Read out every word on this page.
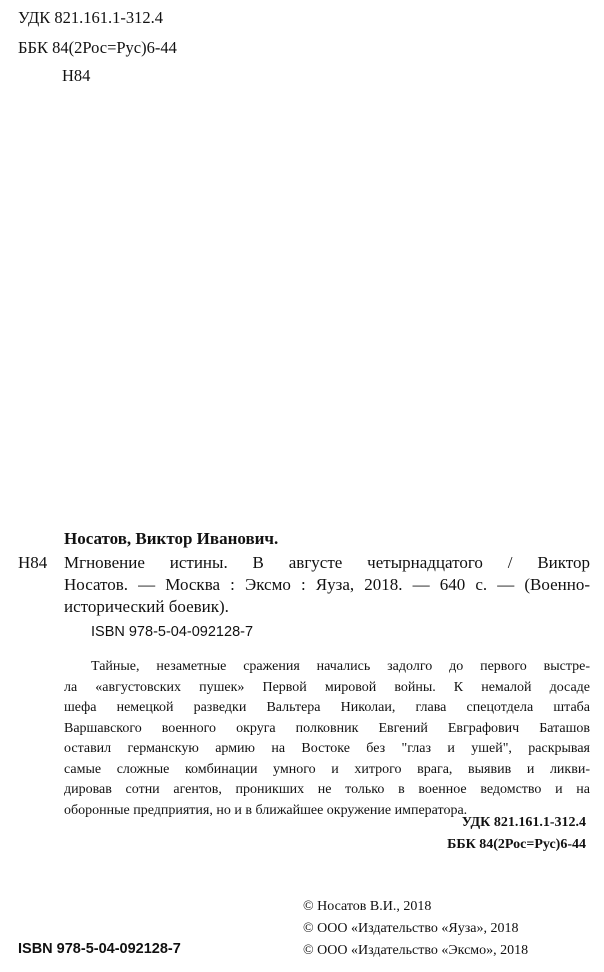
УДК 821.161.1-312.4
ББК 84(2Рос=Рус)6-44
Н84
Носатов, Виктор Иванович.
Н84 Мгновение истины. В августе четырнадцатого / Виктор
Носатов. — Москва : Эксмо : Яуза, 2018. — 640 с. — (Военно-
исторический боевик).
ISBN 978-5-04-092128-7
Тайные, незаметные сражения начались задолго до первого выстре-
ла «августовских пушек» Первой мировой войны. К немалой досаде
шефа немецкой разведки Вальтера Николаи, глава спецотдела штаба
Варшавского военного округа полковник Евгений Евграфович Баташов
оставил германскую армию на Востоке без "глаз и ушей", раскрывая
самые сложные комбинации умного и хитрого врага, выявив и ликви-
дировав сотни агентов, проникших не только в военное ведомство и на
оборонные предприятия, но и в ближайшее окружение императора.
УДК 821.161.1-312.4
ББК 84(2Рос=Рус)6-44
© Носатов В.И., 2018
© ООО «Издательство «Яуза», 2018
© ООО «Издательство «Эксмо», 2018
ISBN 978-5-04-092128-7
